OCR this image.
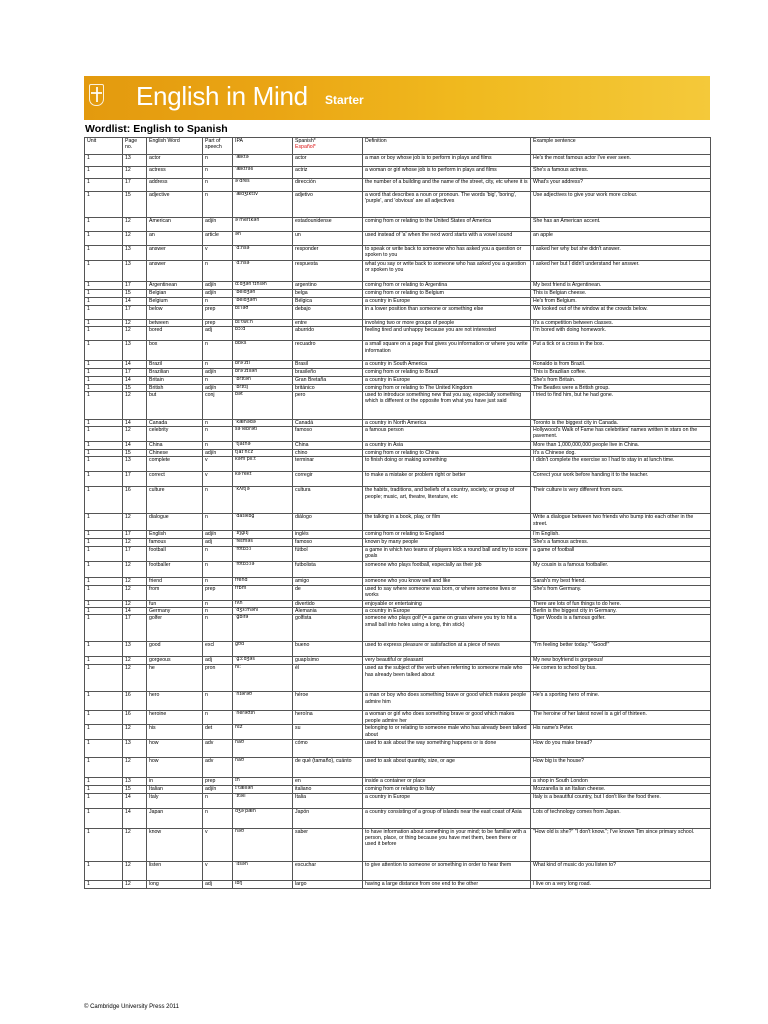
English in Mind Starter
Wordlist: English to Spanish
Unit	Page no.	English Word	Part of speech	IPA	Spanish*
Español*	Definition	Example sentence
1	13	actor	n	ˈæktə	actor	a man or boy whose job is to perform in plays and films	He's the most famous actor I've ever seen.
1	12	actress	n	ˈæktrəs	actriz	a woman or girl whose job is to perform in plays and films	She's a famous actress.
1	17	address	n	əˈdres	dirección	the number of a building and the name of the street, city, etc where it is	What's your address?
1	15	adjective	n	ˈædʒɪktɪv	adjetivo	a word that describes a noun or pronoun. The words 'big', 'boring', 'purple', and 'obvious' are all adjectives	Use adjectives to give your work more colour.
1	12	American	adj/n	əˈmerɪkən	estadounidense	coming from or relating to the United States of America	She has an American accent.
1	12	an	article	ən	un	used instead of 'a' when the next word starts with a vowel sound	an apple
1	13	answer	v	ˈɑːnsə	responder	to speak or write back to someone who has asked you a question or spoken to you	I asked her why but she didn't answer.
1	13	answer	n	ˈɑːnsə	respuesta	what you say or write back to someone who has asked you a question or spoken to you	I asked her but I didn't understand her answer.
1	17	Argentinean	adj/n	ɑːdʒənˈtɪniən	argentino	coming from or relating to Argentina	My best friend is Argentinean.
1	15	Belgian	adj/n	ˈbeldʒən	belga	coming from or relating to Belgium	This is Belgian cheese.
1	14	Belgium	n	ˈbeldʒəm	Bélgica	a country in Europe	He's from Belgium.
1	17	below	prep	bɪˈləʊ	debajo	in a lower position than someone or something else	We looked out of the window at the crowds below.
1	12	between	prep	bɪˈtwiːn	entre	involving two or more groups of people	It's a competition between classes.
1	12	bored	adj	bɔːd	aburrido	feeling tired and unhappy because you are not interested	I'm bored with doing homework.
1	13	box	n	bɒks	recuadro	a small square on a page that gives you information or where you write information	Put a tick or a cross in the box.
1	14	Brazil	n	brəˈzɪl	Brasil	a country in South America	Ronaldo is from Brazil.
1	17	Brazilian	adj/n	brəˈzɪliən	brasileño	coming from or relating to Brazil	This is Brazilian coffee.
1	14	Britain	n	ˈbrɪtən	Gran Bretaña	a country in Europe	She's from Britain.
1	15	British	adj/n	ˈbrɪtɪʃ	británico	coming from or relating to The United Kingdom	The Beatles were a British group.
1	12	but	conj	bət	pero	used to introduce something new that you say, especially something which is different or the opposite from what you have just said	I tried to find him, but he had gone.
1	14	Canada	n	ˈkænədə	Canadá	a country in North America	Toronto is the biggest city in Canada.
1	12	celebrity	n	səˈlebrəti	famoso	a famous person	Hollywood's Walk of Fame has celebrities' names written in stars on the pavement.
1	14	China	n	ˈtʃaɪnə	China	a country in Asia	More than 1,000,000,000 people live in China.
1	15	Chinese	adj/n	tʃaɪˈniːz	chino	coming from or relating to China	It's a Chinese dog.
1	13	complete	v	kəmˈpliːt	terminar	to finish doing or making something	I didn't complete the exercise so I had to stay in at lunch time.
1	17	correct	v	kəˈrekt	corregir	to make a mistake or problem right or better	Correct your work before handing it to the teacher.
1	16	culture	n	ˈkʌltʃə	cultura	the habits, traditions, and beliefs of a country, society, or group of people; music, art, theatre, literature, etc	Their culture is very different from ours.
1	12	dialogue	n	ˈdaɪəlɒɡ	diálogo	the talking in a book, play, or film	Write a dialogue between two friends who bump into each other in the street.
1	17	English	adj/n	ˈɪŋɡlɪʃ	inglés	coming from or relating to England	I'm English.
1	12	famous	adj	ˈfeɪməs	famoso	known by many people	She's a famous actress.
1	17	football	n	ˈfʊtbɔːl	fútbol	a game in which two teams of players kick a round ball and try to score goals	a game of football
1	12	footballer	n	ˈfʊtbɔːlə	futbolista	someone who plays football, especially as their job	My cousin is a famous footballer.
1	12	friend	n	frend	amigo	someone who you know well and like	Sarah's my best friend.
1	12	from	prep	frɒm	de	used to say where someone was born, or where someone lives or works	She's from Germany.
1	12	fun	n	fʌn	divertido	enjoyable or entertaining	There are lots of fun things to do here.
1	14	Germany	n	ˈdʒɜːməni	Alemania	a country in Europe	Berlin is the biggest city in Germany.
1	17	golfer	n	ˈɡɒlfə	golfista	someone who plays golf (= a game on grass where you try to hit a small ball into holes using a long, thin stick)	Tiger Woods is a famous golfer.
1	13	good	excl	ɡʊd	bueno	used to express pleasure or satisfaction at a piece of news	"I'm feeling better today." "Good!"
1	12	gorgeous	adj	ˈɡɔːdʒəs	guapísimo	very beautiful or pleasant	My new boyfriend is gorgeous!
1	12	he	pron	hiː	él	used as the subject of the verb when referring to someone male who has already been talked about	He comes to school by bus.
1	16	hero	n	ˈhɪərəʊ	héroe	a man or boy who does something brave or good which makes people admire him	He's a sporting hero of mine.
1	16	heroine	n	ˈherəʊɪn	heroína	a woman or girl who does something brave or good which makes people admire her	The heroine of her latest novel is a girl of thirteen.
1	12	his	det	hɪz	su	belonging to or relating to someone male who has already been talked about	His name's Peter.
1	13	how	adv	haʊ	cómo	used to ask about the way something happens or is done	How do you make bread?
1	12	how	adv	haʊ	de qué (tamaño), cuánto	used to ask about quantity, size, or age	How big is the house?
1	13	in	prep	ɪn	en	inside a container or place	a shop in South London
1	15	Italian	adj/n	ɪˈtæliən	italiano	coming from or relating to Italy	Mozzarella is an Italian cheese.
1	14	Italy	n	ˈɪtəli	Italia	a country in Europe	Italy is a beautiful country, but I don't like the food there.
1	14	Japan	n	dʒəˈpæn	Japón	a country consisting of a group of islands near the east coast of Asia	Lots of technology comes from Japan.
1	12	know	v	nəʊ	saber	to have information about something in your mind; to be familiar with a person, place, or thing because you have met them, been there or used it before	"How old is she?" "I don't know."; I've known Tim since primary school.
1	12	listen	v	ˈlɪsən	escuchar	to give attention to someone or something in order to hear them	What kind of music do you listen to?
1	12	long	adj	lɒŋ	largo	having a large distance from one end to the other	I live on a very long road.
© Cambridge University Press 2011
